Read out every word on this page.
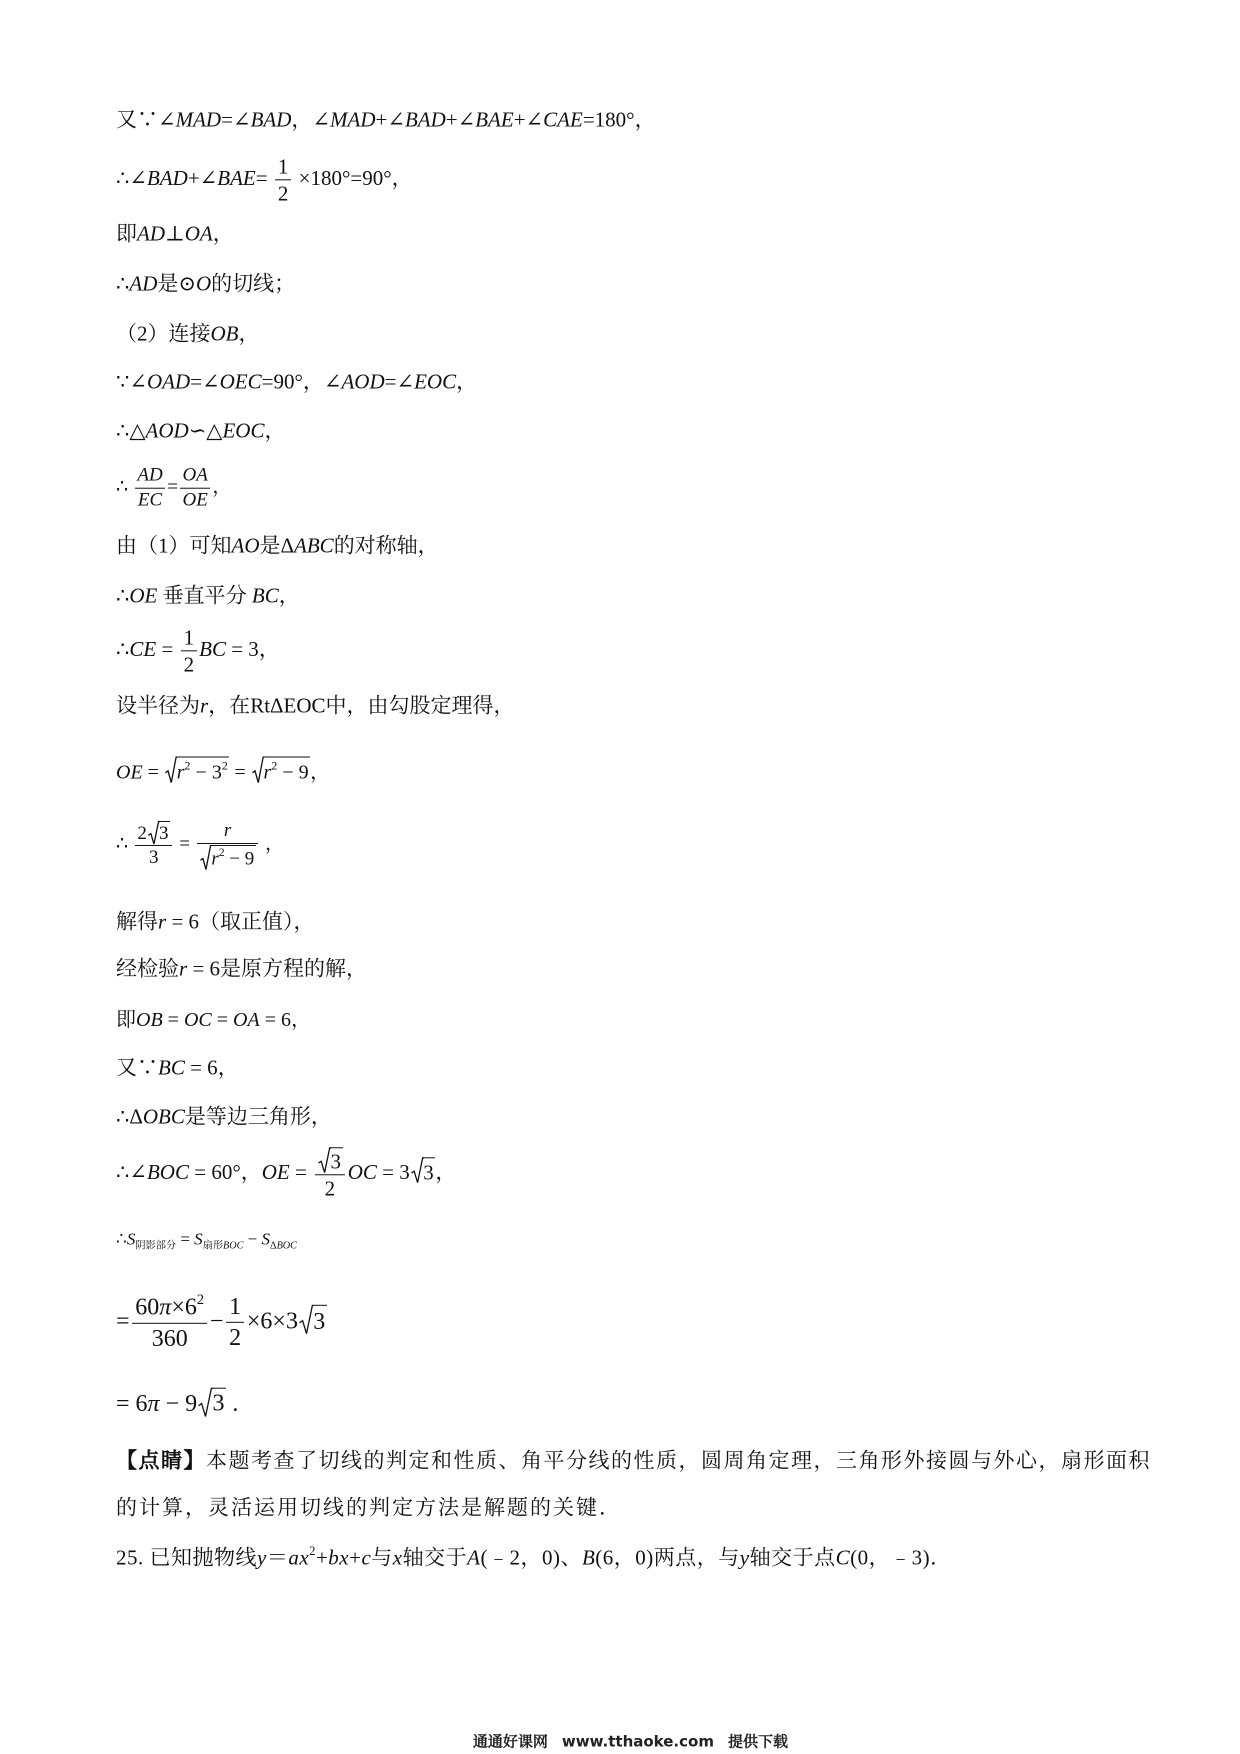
通通好课网 www.tthaoke.com 提供下载

又∵∠MAD=∠BAD，∠MAD+∠BAD+∠BAE+∠CAE=180°，
∴∠BAD+∠BAE= $\frac{1}{2} \times 180^\circ=90^\circ$，
即AD⊥OA，
∴AD是⊙O的切线；
（2）连接OB，
∵∠OAD=∠OEC=90°，∠AOD=∠EOC，
∴△AOD∽△EOC，
∴ $\frac{AD}{EC} = \frac{OA}{OE}$ ，
由（1）可知AO是ΔABC的对称轴，
∴OE 垂直平分 BC，
∴CE = $\frac{1}{2}$ BC = 3，
设半径为r，在RtΔEOC中，由勾股定理得，
OE =
$r^2 - 3^2$ =
$r^2 - 9$，
∴ $\frac{2 3}{3} = \frac{r}{r^2 - 9}$ ，
解得r = 6（取正值），
经检验r = 6是原方程的解，
即OB = OC = OA = 6，
又∵BC = 6，
∴ΔOBC是等边三角形，
∴∠BOC = 60°，OE = $\frac{3}{2}$ OC = 3 3，
$\therefore S_{阴影部分} = S_{扇形BOC} - S_{\Delta BOC}$
= $\frac{60\pi\times 6^2}{360} - \frac{1}{2} \times 6\times 3$ 3
= 6π − 9 3 .
【点睛】本题考查了切线的判定和性质、角平分线的性质，圆周角定理，三角形外接圆与外心，扇形面积
的计算，灵活运用切线的判定方法是解题的关键．
25. 已知抛物线$y=ax^2+bx+c$与x轴交于A(﹣2，0)、B(6，0)两点，与y轴交于点C(0，﹣3)．
